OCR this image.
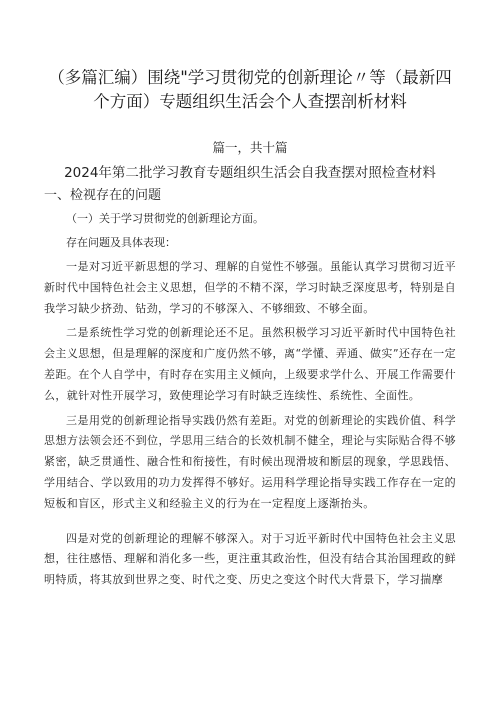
（多篇汇编）围绕"学习贯彻党的创新理论〃等（最新四个方面）专题组织生活会个人查摆剖析材料
篇一，共十篇
2024年第二批学习教育专题组织生活会自我查摆对照检查材料
一、检视存在的问题
（一）关于学习贯彻党的创新理论方面。
存在问题及具体表现：

一是对习近平新思想的学习、理解的自觉性不够强。虽能认真学习贯彻习近平新时代中国特色社会主义思想，但学的不精不深，学习时缺乏深度思考，特别是自我学习缺少挤劲、钻劲，学习的不够深入、不够细致、不够全面。

二是系统性学习党的创新理论还不足。虽然积极学习习近平新时代中国特色社会主义思想，但是理解的深度和广度仍然不够，离“学懂、弄通、做实”还存在一定差距。在个人自学中，有时存在实用主义倾向，上级要求学什么、开展工作需要什么，就针对性开展学习，致使理论学习有时缺乏连续性、系统性、全面性。

三是用党的创新理论指导实践仍然有差距。对党的创新理论的实践价值、科学思想方法领会还不到位，学思用三结合的长效机制不健全，理论与实际贴合得不够紧密，缺乏贯通性、融合性和衔接性，有时候出现滑坡和断层的现象，学思践悟、学用结合、学以致用的功力发挥得不够好。运用科学理论指导实践工作存在一定的短板和盲区，形式主义和经验主义的行为在一定程度上逐渐抬头。

四是对党的创新理论的理解不够深入。对于习近平新时代中国特色社会主义思想，往往感悟、理解和消化多一些，更注重其政治性，但没有结合其治国理政的鲜明特质，将其放到世界之变、时代之变、历史之变这个时代大背景下，学习揣摩
